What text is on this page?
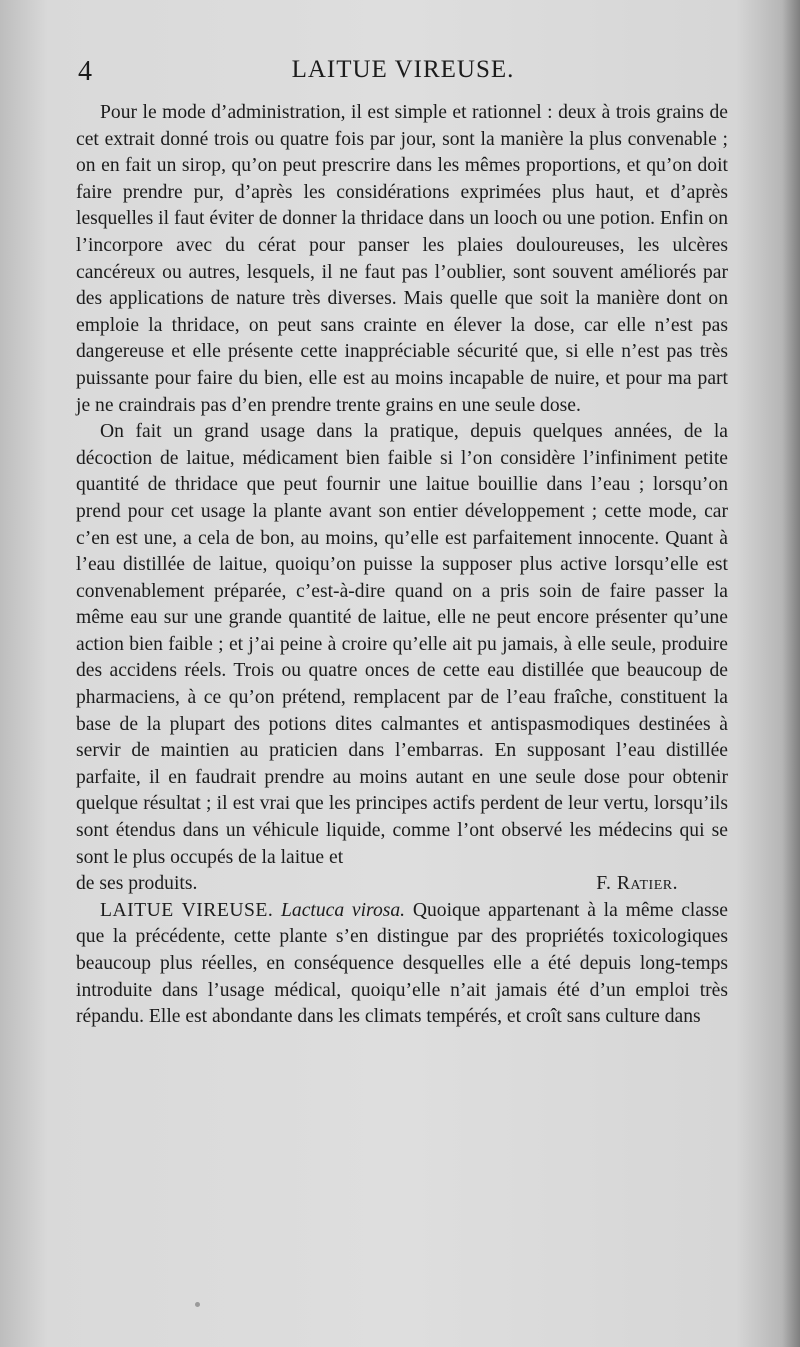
4	LAITUE VIREUSE.

Pour le mode d’administration, il est simple et rationnel : deux à trois grains de cet extrait donné trois ou quatre fois par jour, sont la manière la plus convenable ; on en fait un sirop, qu’on peut prescrire dans les mêmes proportions, et qu’on doit faire prendre pur, d’après les considérations exprimées plus haut, et d’après lesquelles il faut éviter de donner la thridace dans un looch ou une potion. Enfin on l’incorpore avec du cérat pour panser les plaies douloureuses, les ulcères cancéreux ou autres, lesquels, il ne faut pas l’oublier, sont souvent améliorés par des applications de nature très diverses. Mais quelle que soit la manière dont on emploie la thridace, on peut sans crainte en élever la dose, car elle n’est pas dangereuse et elle présente cette inappréciable sécurité que, si elle n’est pas très puissante pour faire du bien, elle est au moins incapable de nuire, et pour ma part je ne craindrais pas d’en prendre trente grains en une seule dose.

On fait un grand usage dans la pratique, depuis quelques années, de la décoction de laitue, médicament bien faible si l’on considère l’infiniment petite quantité de thridace que peut fournir une laitue bouillie dans l’eau ; lorsqu’on prend pour cet usage la plante avant son entier développement ; cette mode, car c’en est une, a cela de bon, au moins, qu’elle est parfaitement innocente. Quant à l’eau distillée de laitue, quoiqu’on puisse la supposer plus active lorsqu’elle est convenablement préparée, c’est-à-dire quand on a pris soin de faire passer la même eau sur une grande quantité de laitue, elle ne peut encore présenter qu’une action bien faible ; et j’ai peine à croire qu’elle ait pu jamais, à elle seule, produire des accidens réels. Trois ou quatre onces de cette eau distillée que beaucoup de pharmaciens, à ce qu’on prétend, remplacent par de l’eau fraîche, constituent la base de la plupart des potions dites calmantes et antispasmodiques destinées à servir de maintien au praticien dans l’embarras. En supposant l’eau distillée parfaite, il en faudrait prendre au moins autant en une seule dose pour obtenir quelque résultat ; il est vrai que les principes actifs perdent de leur vertu, lorsqu’ils sont étendus dans un véhicule liquide, comme l’ont observé les médecins qui se sont le plus occupés de la laitue et

de ses produits.	F. Ratier.

LAITUE VIREUSE. Lactuca virosa. Quoique appartenant à la même classe que la précédente, cette plante s’en distingue par des propriétés toxicologiques beaucoup plus réelles, en conséquence desquelles elle a été depuis long-temps introduite dans l’usage médical, quoiqu’elle n’ait jamais été d’un emploi très répandu. Elle est abondante dans les climats tempérés, et croît sans culture dans
